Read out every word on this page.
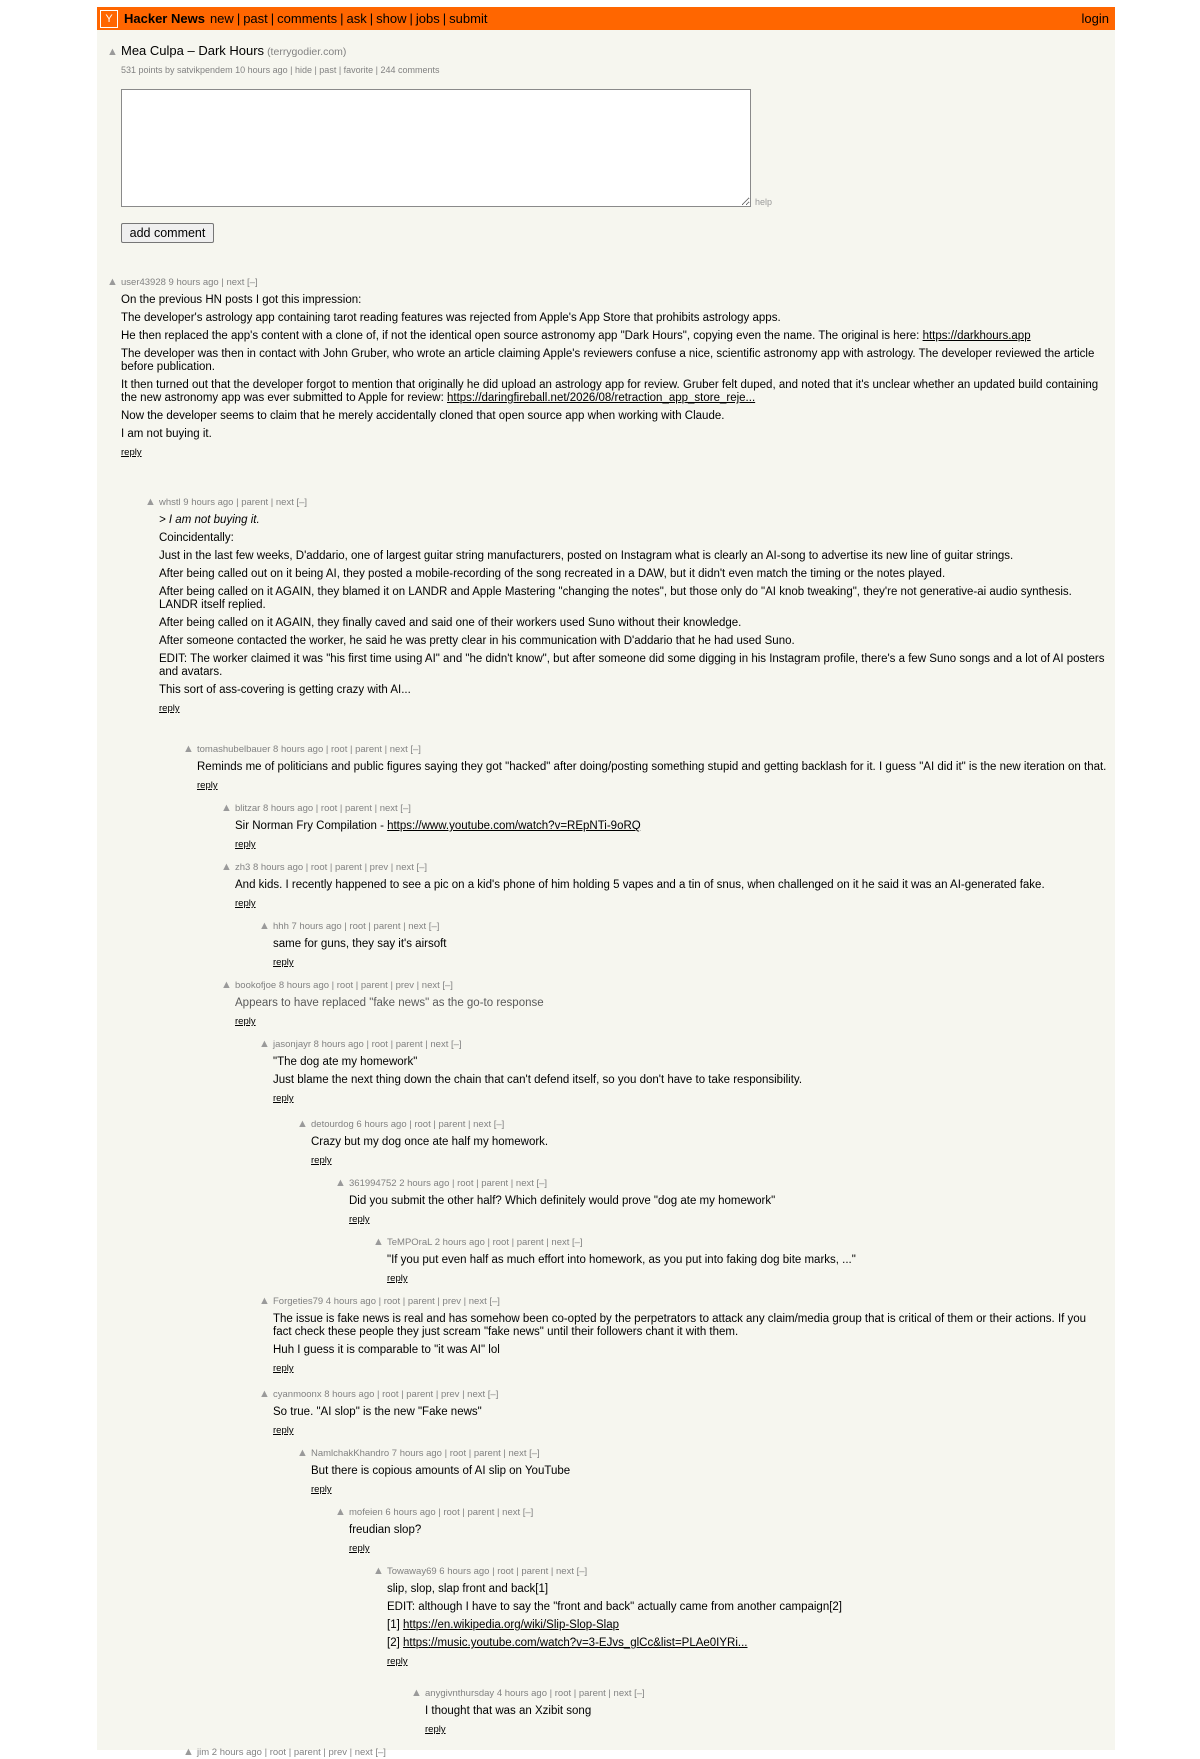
Y Hacker News new | past | comments | ask | show | jobs | submit	login
▲ Mea Culpa – Dark Hours (terrygodier.com)
531 points by satvikpendem 10 hours ago | hide | past | favorite | 244 comments
help
add comment
▲ user43928 9 hours ago | next [–]

On the previous HN posts I got this impression:

The developer's astrology app containing tarot reading features was rejected from Apple's App Store that prohibits astrology apps.

He then replaced the app's content with a clone of, if not the identical open source astronomy app "Dark Hours", copying even the name. The original is here: https://darkhours.app

The developer was then in contact with John Gruber, who wrote an article claiming Apple's reviewers confuse a nice, scientific astronomy app with astrology. The developer reviewed the article before publication.

It then turned out that the developer forgot to mention that originally he did upload an astrology app for review. Gruber felt duped, and noted that it's unclear whether an updated build containing the new astronomy app was ever submitted to Apple for review: https://daringfireball.net/2026/08/retraction_app_store_reje...

Now the developer seems to claim that he merely accidentally cloned that open source app when working with Claude.

I am not buying it.

reply
▲ whstl 9 hours ago | parent | next [–]

> I am not buying it.

Coincidentally:

Just in the last few weeks, D'addario, one of largest guitar string manufacturers, posted on Instagram what is clearly an AI-song to advertise its new line of guitar strings.

After being called out on it being AI, they posted a mobile-recording of the song recreated in a DAW, but it didn't even match the timing or the notes played.

After being called on it AGAIN, they blamed it on LANDR and Apple Mastering "changing the notes", but those only do "AI knob tweaking", they're not generative-ai audio synthesis. LANDR itself replied.

After being called on it AGAIN, they finally caved and said one of their workers used Suno without their knowledge.

After someone contacted the worker, he said he was pretty clear in his communication with D'addario that he had used Suno.

EDIT: The worker claimed it was "his first time using AI" and "he didn't know", but after someone did some digging in his Instagram profile, there's a few Suno songs and a lot of AI posters and avatars.

This sort of ass-covering is getting crazy with AI...

reply
▲ tomashubelbauer 8 hours ago | root | parent | next [–]

Reminds me of politicians and public figures saying they got "hacked" after doing/posting something stupid and getting backlash for it. I guess "AI did it" is the new iteration on that.

reply
▲ blitzar 8 hours ago | root | parent | next [–]

Sir Norman Fry Compilation - https://www.youtube.com/watch?v=REpNTi-9oRQ

reply
▲ zh3 8 hours ago | root | parent | prev | next [–]

And kids. I recently happened to see a pic on a kid's phone of him holding 5 vapes and a tin of snus, when challenged on it he said it was an AI-generated fake.

reply
▲ hhh 7 hours ago | root | parent | next [–]

same for guns, they say it's airsoft

reply
▲ bookofjoe 8 hours ago | root | parent | prev | next [–]

Appears to have replaced "fake news" as the go-to response

reply
▲ jasonjayr 8 hours ago | root | parent | next [–]

"The dog ate my homework"

Just blame the next thing down the chain that can't defend itself, so you don't have to take responsibility.

reply
▲ detourdog 6 hours ago | root | parent | next [–]

Crazy but my dog once ate half my homework.

reply
▲ 361994752 2 hours ago | root | parent | next [–]

Did you submit the other half? Which definitely would prove "dog ate my homework"

reply
▲ TeMPOraL 2 hours ago | root | parent | next [–]

"If you put even half as much effort into homework, as you put into faking dog bite marks, ..."

reply
▲ Forgeties79 4 hours ago | root | parent | prev | next [–]

The issue is fake news is real and has somehow been co-opted by the perpetrators to attack any claim/media group that is critical of them or their actions. If you fact check these people they just scream "fake news" until their followers chant it with them.

Huh I guess it is comparable to "it was AI" lol

reply
▲ cyanmoonx 8 hours ago | root | parent | prev | next [–]

So true. "AI slop" is the new "Fake news"

reply
▲ NamlchakKhandro 7 hours ago | root | parent | next [–]

But there is copious amounts of AI slip on YouTube

reply
▲ mofeien 6 hours ago | root | parent | next [–]

freudian slop?

reply
▲ Towaway69 6 hours ago | root | parent | next [–]

slip, slop, slap front and back[1]

EDIT: although I have to say the "front and back" actually came from another campaign[2]

[1] https://en.wikipedia.org/wiki/Slip-Slop-Slap

[2] https://music.youtube.com/watch?v=3-EJvs_glCc&list=PLAe0IYRi...

reply
▲ anygivnthursday 4 hours ago | root | parent | next [–]

I thought that was an Xzibit song

reply
▲ jim 2 hours ago | root | parent | prev | next [–]
